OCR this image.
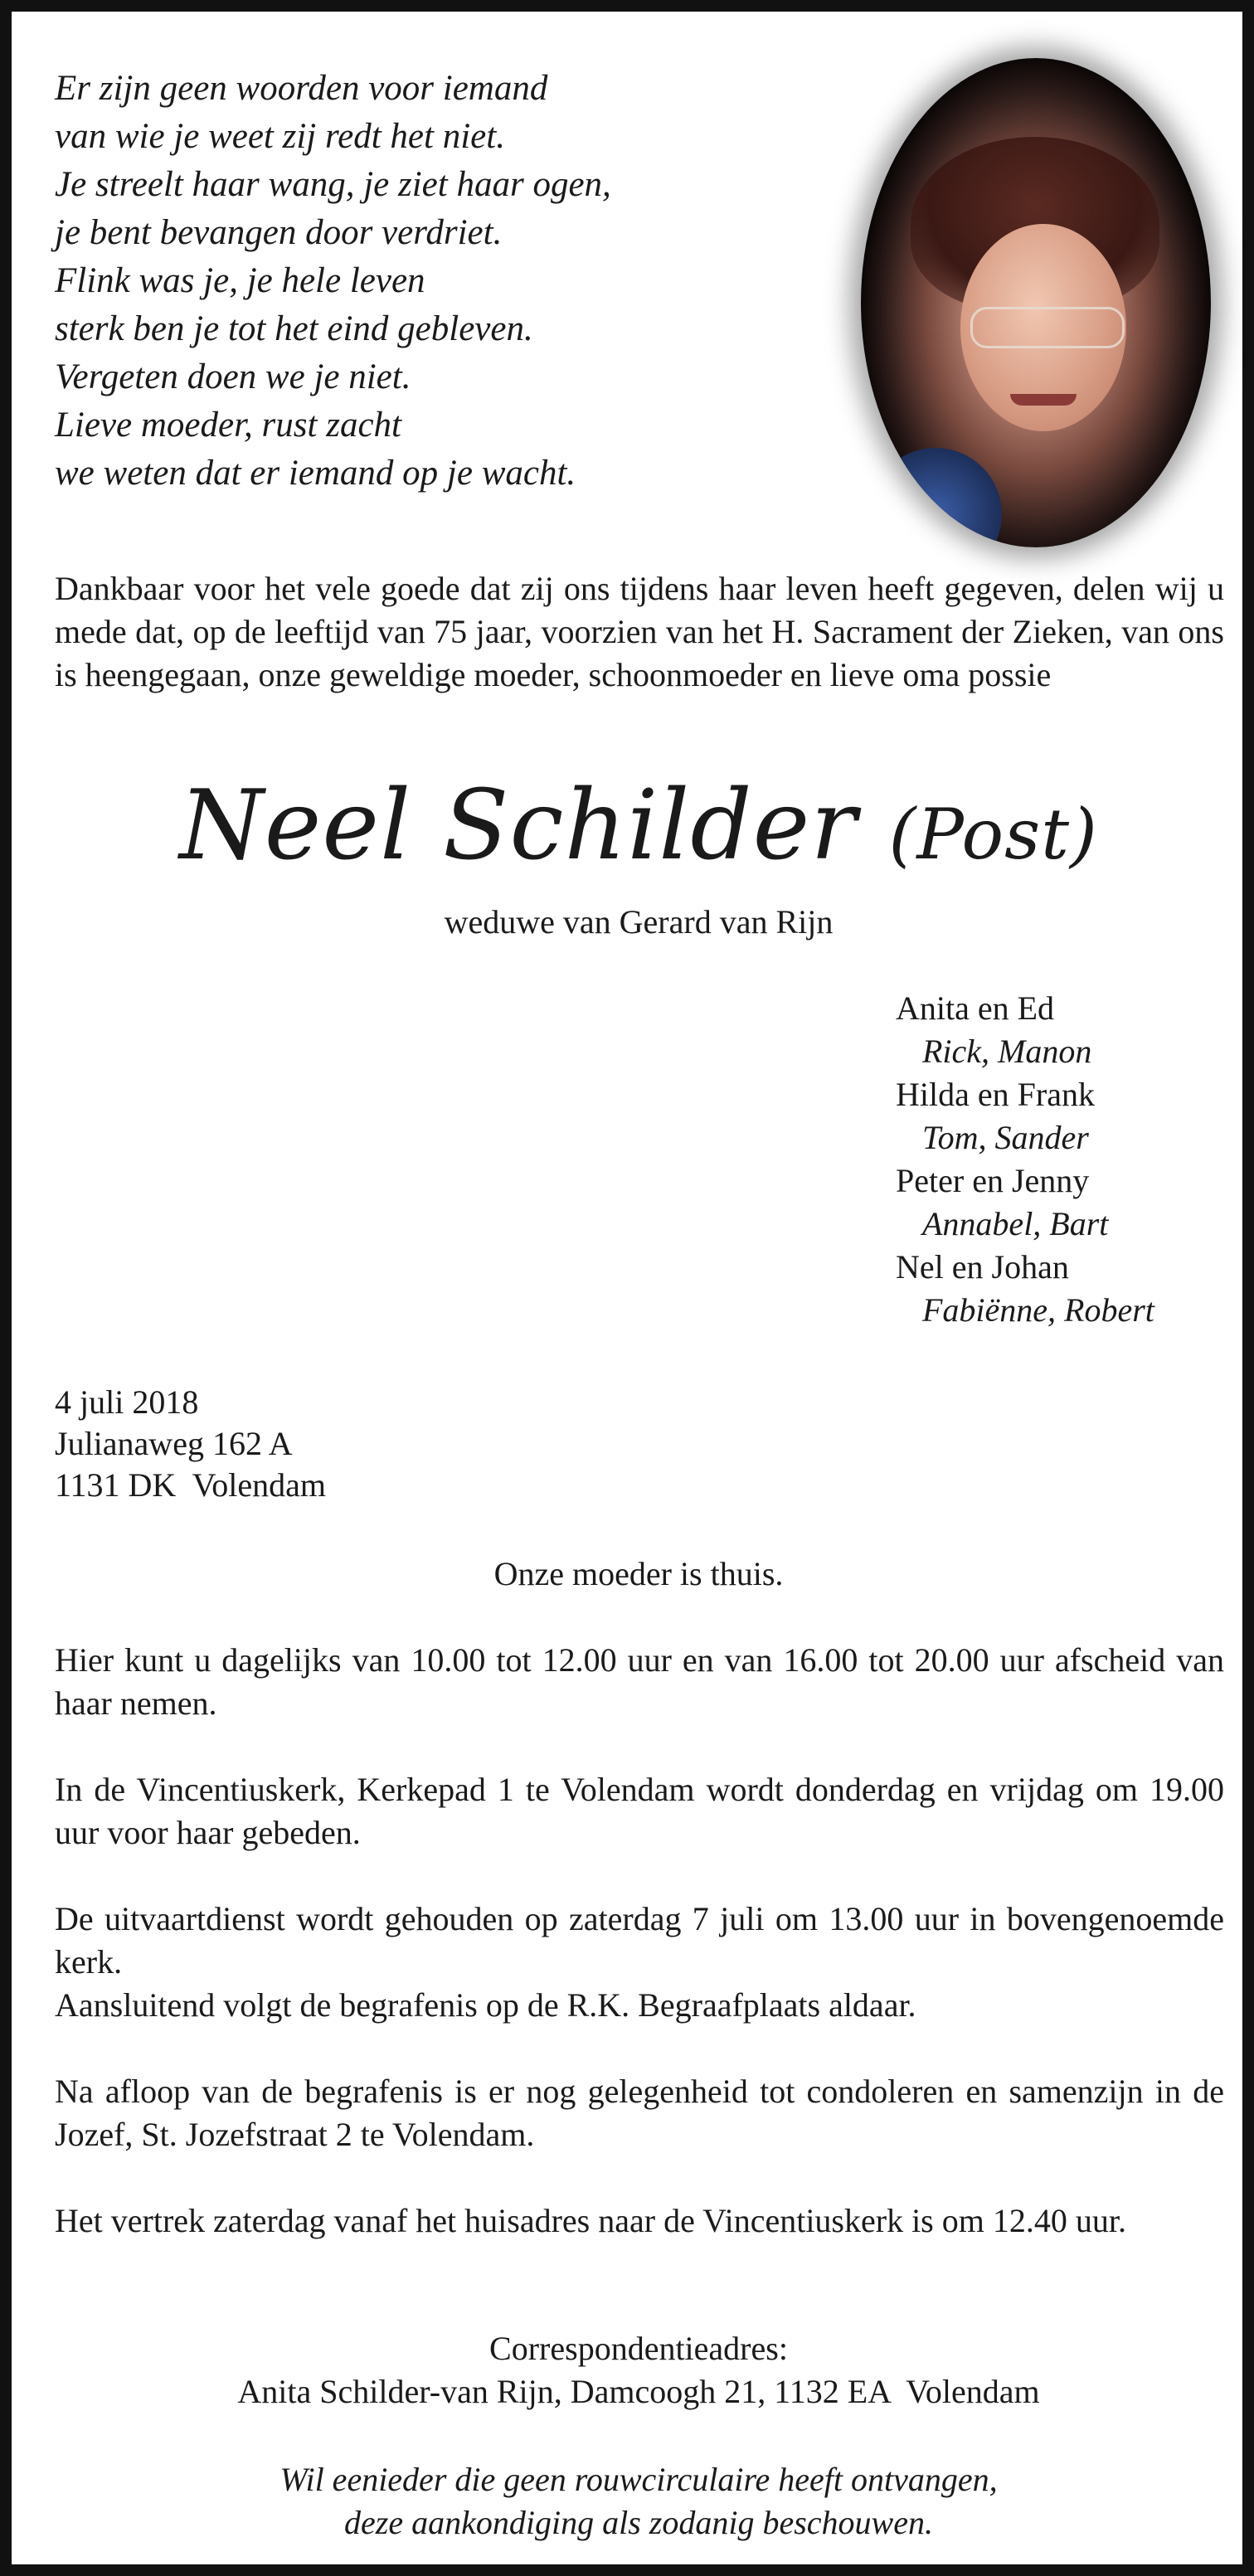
Er zijn geen woorden voor iemand
van wie je weet zij redt het niet.
Je streelt haar wang, je ziet haar ogen,
je bent bevangen door verdriet.
Flink was je, je hele leven
sterk ben je tot het eind gebleven.
Vergeten doen we je niet.
Lieve moeder, rust zacht
we weten dat er iemand op je wacht.
Dankbaar voor het vele goede dat zij ons tijdens haar leven heeft gegeven, delen wij u mede dat, op de leeftijd van 75 jaar, voorzien van het H. Sacrament der Zieken, van ons is heengegaan, onze geweldige moeder, schoonmoeder en lieve oma possie
Neel Schilder (Post)
weduwe van Gerard van Rijn
Anita en Ed
Rick, Manon
Hilda en Frank
Tom, Sander
Peter en Jenny
Annabel, Bart
Nel en Johan
Fabiënne, Robert
4 juli 2018
Julianaweg 162 A
1131 DK  Volendam
Onze moeder is thuis.
Hier kunt u dagelijks van 10.00 tot 12.00 uur en van 16.00 tot 20.00 uur afscheid van haar nemen.
In de Vincentiuskerk, Kerkepad 1 te Volendam wordt donderdag en vrijdag om 19.00 uur voor haar gebeden.
De uitvaartdienst wordt gehouden op zaterdag 7 juli om 13.00 uur in bovengenoemde kerk.
Aansluitend volgt de begrafenis op de R.K. Begraafplaats aldaar.
Na afloop van de begrafenis is er nog gelegenheid tot condoleren en samenzijn in de Jozef, St. Jozefstraat 2 te Volendam.
Het vertrek zaterdag vanaf het huisadres naar de Vincentiuskerk is om 12.40 uur.
Correspondentieadres:
Anita Schilder-van Rijn, Damcoogh 21, 1132 EA  Volendam
Wil eenieder die geen rouwcirculaire heeft ontvangen,
deze aankondiging als zodanig beschouwen.
